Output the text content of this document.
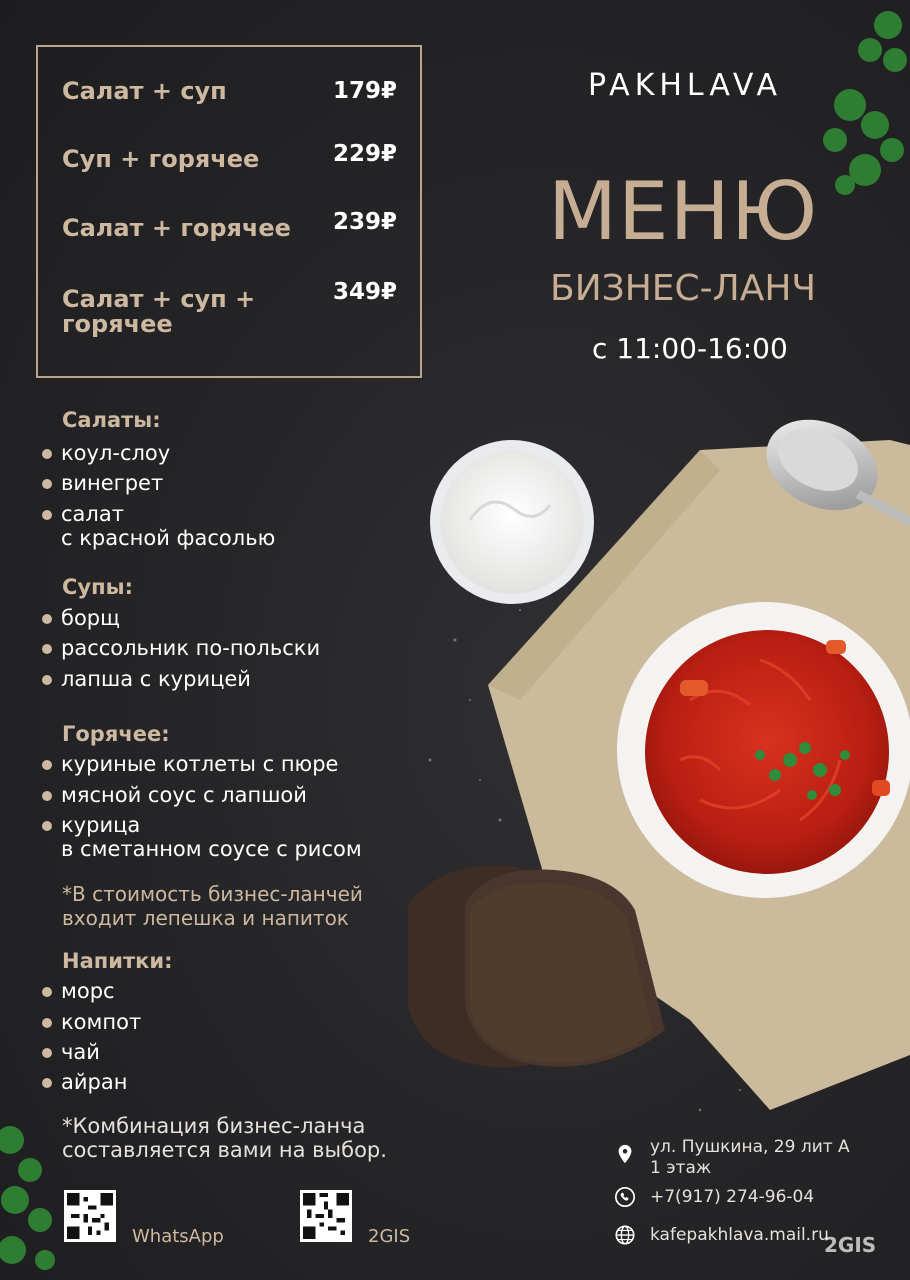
Салат + суп	179₽
Суп + горячее	229₽
Салат + горячее	239₽
Салат + суп +
горячее
349₽
PAKHLAVA
МЕНЮ
БИЗНЕС-ЛАНЧ
с 11:00-16:00
Салаты:
коул-слоу
винегрет
салат
с красной фасолью
Супы:
борщ
рассольник по-польски
лапша с курицей
Горячее:
куриные котлеты с пюре
мясной соус с лапшой
курица
в сметанном соусе с рисом
*В стоимость бизнес-ланчей
входит лепешка и напиток
Напитки:
морс
компот
чай
айран
*Комбинация бизнес-ланча
составляется вами на выбор.
WhatsApp	2GIS
ул. Пушкина, 29 лит А
1 этаж
+7(917) 274-96-04
kafepakhlava.mail.ru
2GIS
